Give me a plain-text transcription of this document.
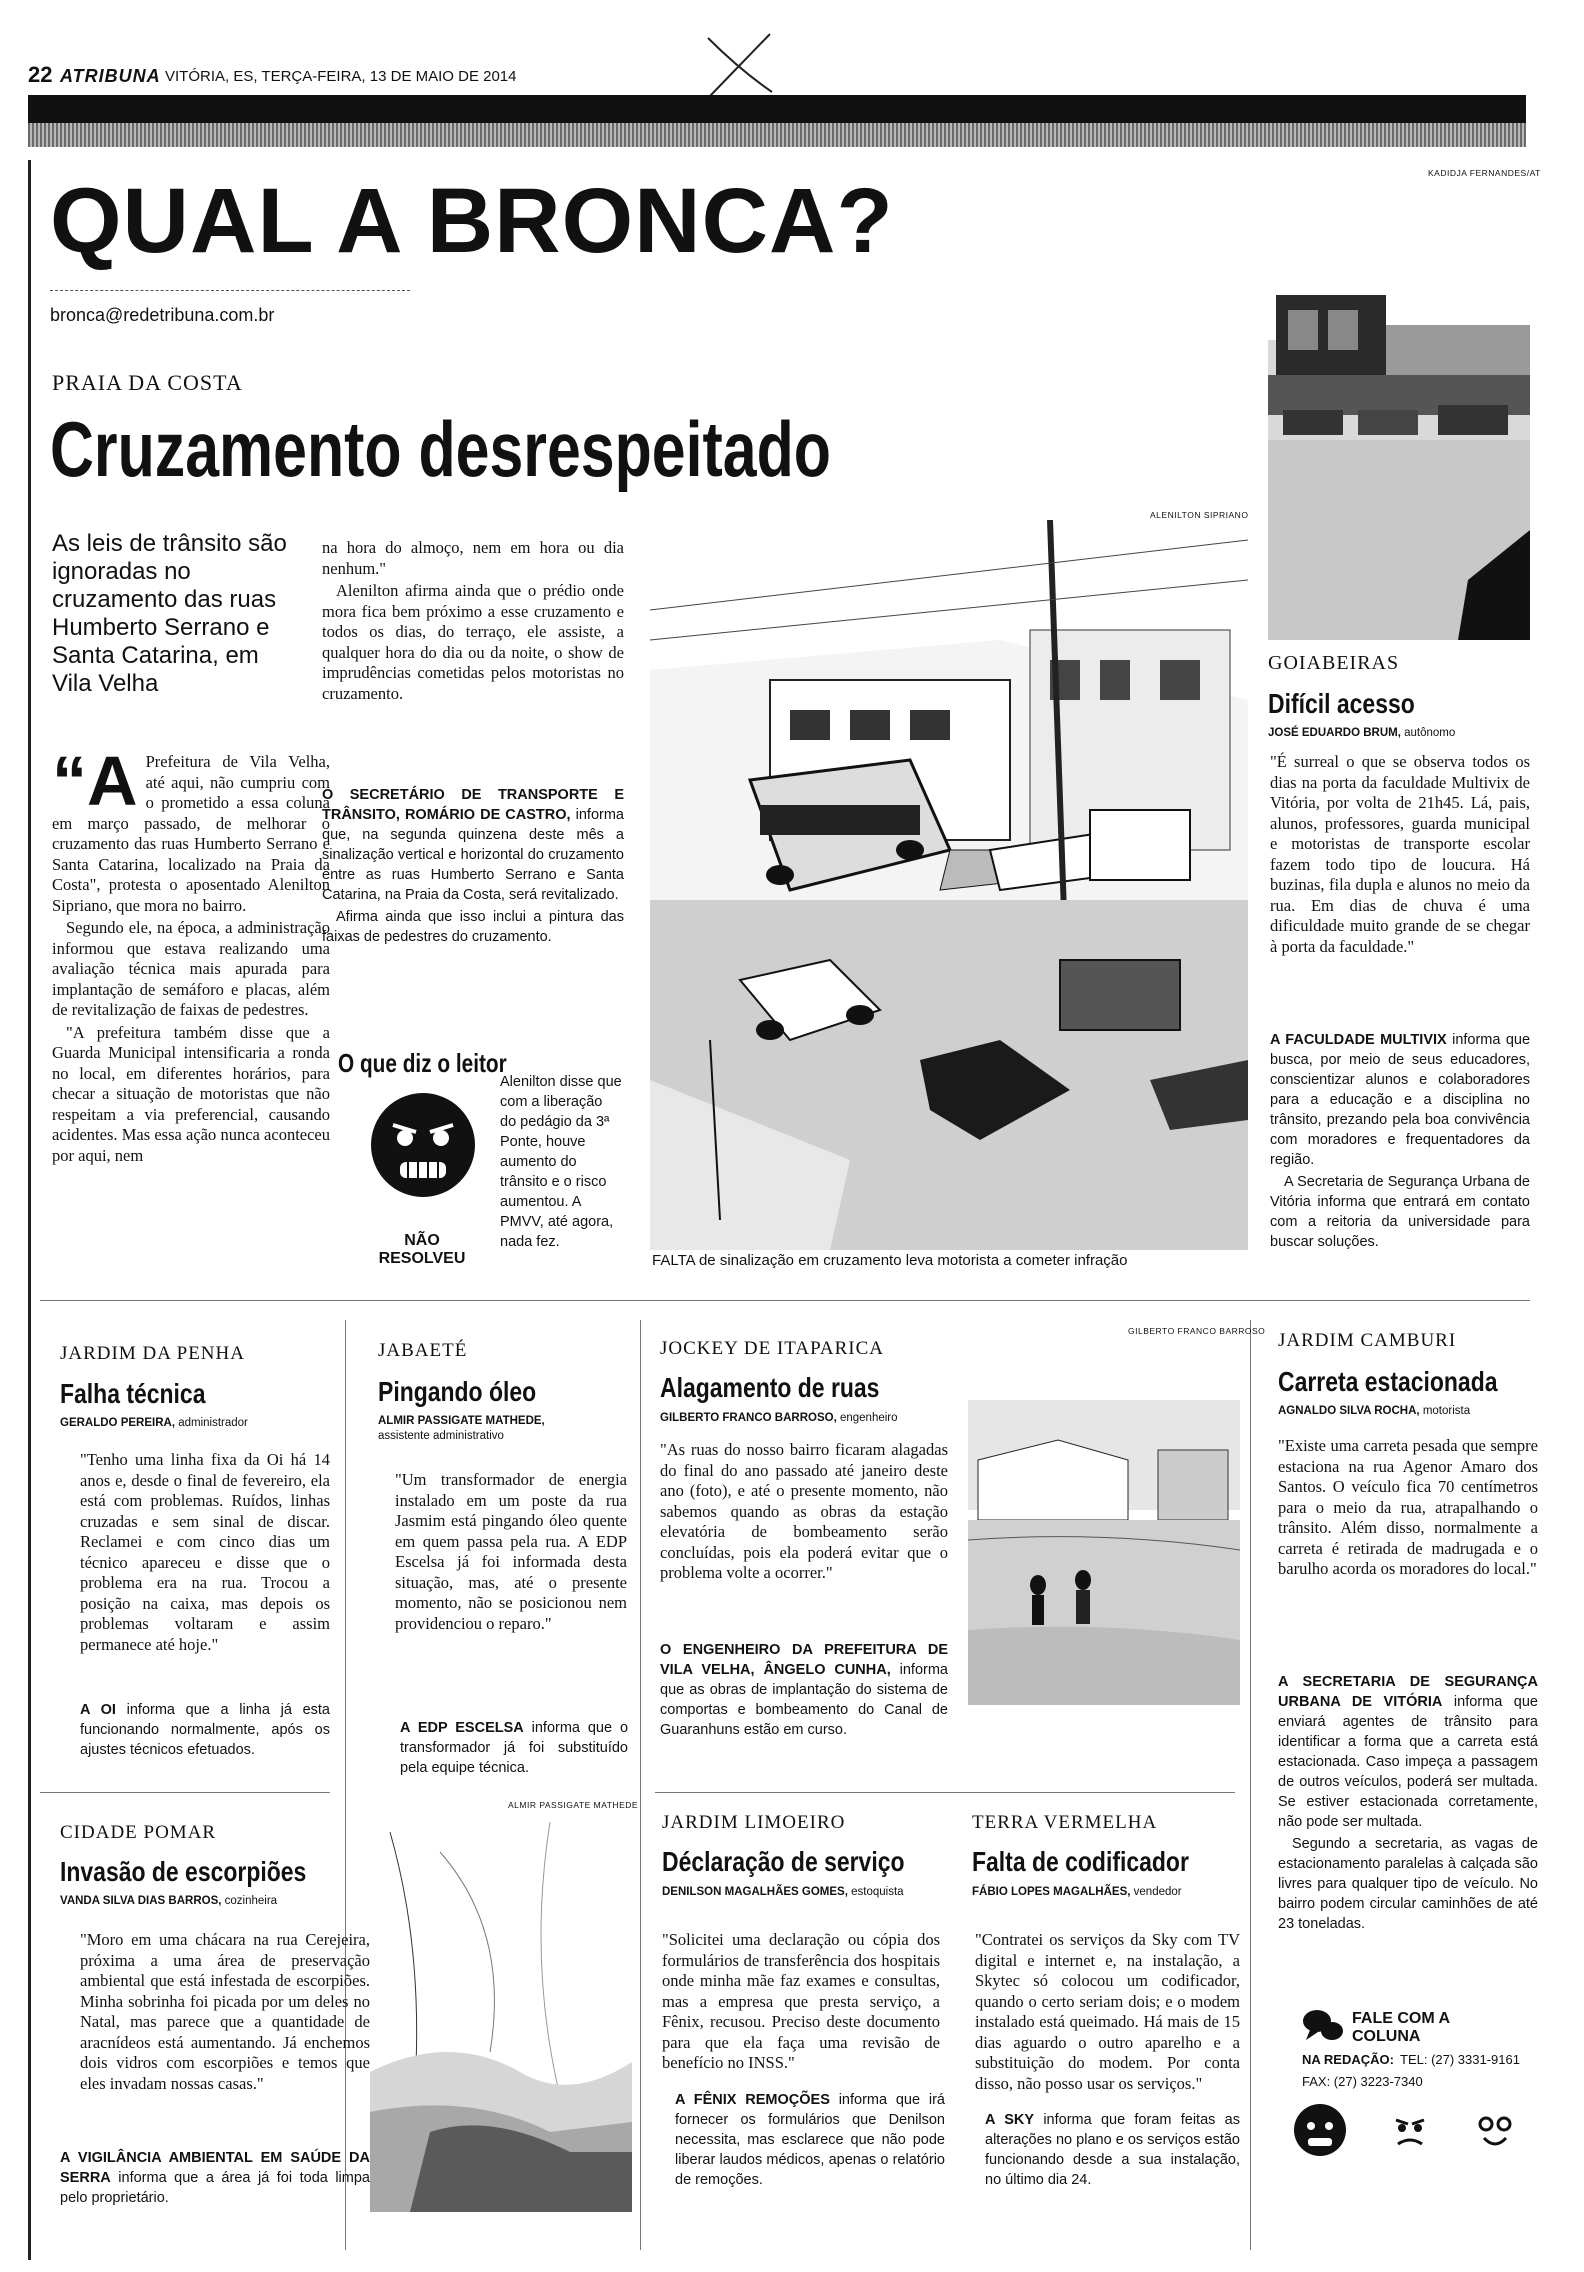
22 ATRIBUNA VITÓRIA, ES, TERÇA-FEIRA, 13 DE MAIO DE 2014
QUAL A BRONCA?
bronca@redetribuna.com.br
KADIDJA FERNANDES/AT
PRAIA DA COSTA
Cruzamento desrespeitado
As leis de trânsito são ignoradas no cruzamento das ruas Humberto Serrano e Santa Catarina, em Vila Velha

“A Prefeitura de Vila Velha, até aqui, não cumpriu com o prometido a essa coluna em março passado, de melhorar o cruzamento das ruas Humberto Serrano e Santa Catarina, localizado na Praia da Costa", protesta o aposentado Alenilton Sipriano, que mora no bairro.

Segundo ele, na época, a administração informou que estava realizando uma avaliação técnica mais apurada para implantação de semáforo e placas, além de revitalização de faixas de pedestres.

"A prefeitura também disse que a Guarda Municipal intensificaria a ronda no local, em diferentes horários, para checar a situação de motoristas que não respeitam a via preferencial, causando acidentes. Mas essa ação nunca aconteceu por aqui, nem

na hora do almoço, nem em hora ou dia nenhum."

Alenilton afirma ainda que o prédio onde mora fica bem próximo a esse cruzamento e todos os dias, do terraço, ele assiste, a qualquer hora do dia ou da noite, o show de imprudências cometidas pelos motoristas no cruzamento.

O SECRETÁRIO DE TRANSPORTE E TRÂNSITO, ROMÁRIO DE CASTRO, informa que, na segunda quinzena deste mês a sinalização vertical e horizontal do cruzamento entre as ruas Humberto Serrano e Santa Catarina, na Praia da Costa, será revitalizado.

Afirma ainda que isso inclui a pintura das faixas de pedestres do cruzamento.

O que diz o leitor
NÃO RESOLVEU
Alenilton disse que com a liberação do pedágio da 3ª Ponte, houve aumento do trânsito e o risco aumentou. A PMVV, até agora, nada fez.
ALENILTON SIPRIANO
FALTA de sinalização em cruzamento leva motorista a cometer infração
GOIABEIRAS
Difícil acesso
JOSÉ EDUARDO BRUM, autônomo
"É surreal o que se observa todos os dias na porta da faculdade Multivix de Vitória, por volta de 21h45. Lá, pais, alunos, professores, guarda municipal e motoristas de transporte escolar fazem todo tipo de loucura. Há buzinas, fila dupla e alunos no meio da rua. Em dias de chuva é uma dificuldade muito grande de se chegar à porta da faculdade."

A FACULDADE MULTIVIX informa que busca, por meio de seus educadores, conscientizar alunos e colaboradores para a educação e a disciplina no trânsito, prezando pela boa convivência com moradores e frequentadores da região.

A Secretaria de Segurança Urbana de Vitória informa que entrará em contato com a reitoria da universidade para buscar soluções.

JARDIM DA PENHA
Falha técnica
GERALDO PEREIRA, administrador
"Tenho uma linha fixa da Oi há 14 anos e, desde o final de fevereiro, ela está com problemas. Ruídos, linhas cruzadas e sem sinal de discar. Reclamei e com cinco dias um técnico apareceu e disse que o problema era na rua. Trocou a posição na caixa, mas depois os problemas voltaram e assim permanece até hoje."
A OI informa que a linha já esta funcionando normalmente, após os ajustes técnicos efetuados.
JABAETÉ
Pingando óleo
ALMIR PASSIGATE MATHEDE,
assistente administrativo
"Um transformador de energia instalado em um poste da rua Jasmim está pingando óleo quente em quem passa pela rua. A EDP Escelsa já foi informada desta situação, mas, até o presente momento, não se posicionou nem providenciou o reparo."
A EDP ESCELSA informa que o transformador já foi substituído pela equipe técnica.
JOCKEY DE ITAPARICA
GILBERTO FRANCO BARROSO
Alagamento de ruas
GILBERTO FRANCO BARROSO, engenheiro
"As ruas do nosso bairro ficaram alagadas do final do ano passado até janeiro deste ano (foto), e até o presente momento, não sabemos quando as obras da estação elevatória de bombeamento serão concluídas, pois ela poderá evitar que o problema volte a ocorrer."
O ENGENHEIRO DA PREFEITURA DE VILA VELHA, ÂNGELO CUNHA, informa que as obras de implantação do sistema de comportas e bombeamento do Canal de Guaranhuns estão em curso.
JARDIM CAMBURI
Carreta estacionada
AGNALDO SILVA ROCHA, motorista
"Existe uma carreta pesada que sempre estaciona na rua Agenor Amaro dos Santos. O veículo fica 70 centímetros para o meio da rua, atrapalhando o trânsito. Além disso, normalmente a carreta é retirada de madrugada e o barulho acorda os moradores do local."

A SECRETARIA DE SEGURANÇA URBANA DE VITÓRIA informa que enviará agentes de trânsito para identificar a forma que a carreta está estacionada. Caso impeça a passagem de outros veículos, poderá ser multada. Se estiver estacionada corretamente, não pode ser multada.

Segundo a secretaria, as vagas de estacionamento paralelas à calçada são livres para qualquer tipo de veículo. No bairro podem circular caminhões de até 23 toneladas.

CIDADE POMAR
Invasão de escorpiões
VANDA SILVA DIAS BARROS, cozinheira
"Moro em uma chácara na rua Cerejeira, próxima a uma área de preservação ambiental que está infestada de escorpiões. Minha sobrinha foi picada por um deles no Natal, mas parece que a quantidade de aracnídeos está aumentando. Já enchemos dois vidros com escorpiões e temos que eles invadam nossas casas."
A VIGILÂNCIA AMBIENTAL EM SAÚDE DA SERRA informa que a área já foi toda limpa pelo proprietário.
ALMIR PASSIGATE MATHEDE
JARDIM LIMOEIRO
Déclaração de serviço
DENILSON MAGALHÃES GOMES, estoquista
"Solicitei uma declaração ou cópia dos formulários de transferência dos hospitais onde minha mãe faz exames e consultas, mas a empresa que presta serviço, a Fênix, recusou. Preciso deste documento para que ela faça uma revisão de benefício no INSS."
A FÊNIX REMOÇÕES informa que irá fornecer os formulários que Denilson necessita, mas esclarece que não pode liberar laudos médicos, apenas o relatório de remoções.
TERRA VERMELHA
Falta de codificador
FÁBIO LOPES MAGALHÃES, vendedor
"Contratei os serviços da Sky com TV digital e internet e, na instalação, a Skytec só colocou um codificador, quando o certo seriam dois; e o modem instalado está queimado. Há mais de 15 dias aguardo o outro aparelho e a substituição do modem. Por conta disso, não posso usar os serviços."
A SKY informa que foram feitas as alterações no plano e os serviços estão funcionando desde a sua instalação, no último dia 24.
FALE COM A COLUNA
NA REDAÇÃO: TEL: (27) 3331-9161
FAX: (27) 3223-7340
